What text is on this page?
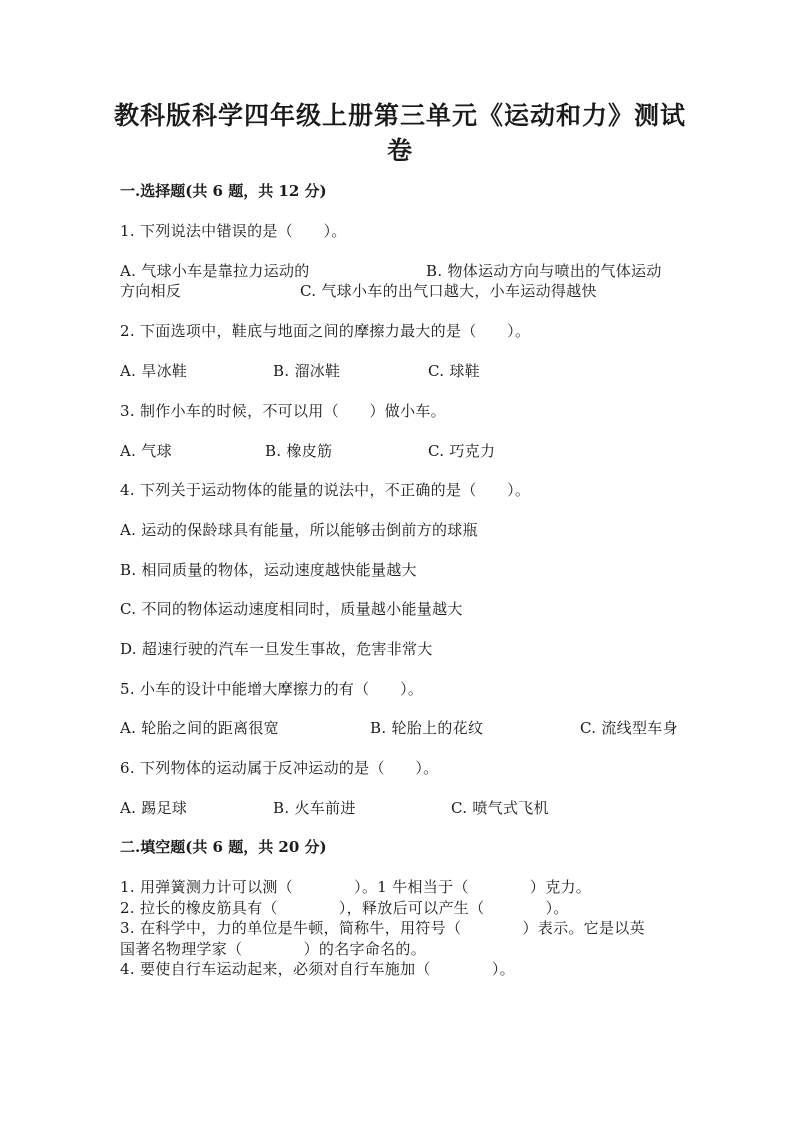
教科版科学四年级上册第三单元《运动和力》测试
卷
一.选择题(共 6 题，共 12 分)
1. 下列说法中错误的是（　　）。
A. 气球小车是靠拉力运动的	B. 物体运动方向与喷出的气体运动
方向相反	C. 气球小车的出气口越大，小车运动得越快
2. 下面选项中，鞋底与地面之间的摩擦力最大的是（　　）。
A. 旱冰鞋	B. 溜冰鞋	C. 球鞋
3. 制作小车的时候，不可以用（　　）做小车。
A. 气球	B. 橡皮筋	C. 巧克力
4. 下列关于运动物体的能量的说法中，不正确的是（　　）。
A. 运动的保龄球具有能量，所以能够击倒前方的球瓶
B. 相同质量的物体，运动速度越快能量越大
C. 不同的物体运动速度相同时，质量越小能量越大
D. 超速行驶的汽车一旦发生事故，危害非常大
5. 小车的设计中能增大摩擦力的有（　　）。
A. 轮胎之间的距离很宽	B. 轮胎上的花纹	C. 流线型车身
6. 下列物体的运动属于反冲运动的是（　　）。
A. 踢足球	B. 火车前进	C. 喷气式飞机
二.填空题(共 6 题，共 20 分)
1. 用弹簧测力计可以测（　　　　）。1 牛相当于（　　　　）克力。
2. 拉长的橡皮筋具有（　　　　），释放后可以产生（　　　　）。
3. 在科学中，力的单位是牛顿，简称牛，用符号（　　　　）表示。它是以英
国著名物理学家（　　　　）的名字命名的。
4. 要使自行车运动起来，必须对自行车施加（　　　　）。
